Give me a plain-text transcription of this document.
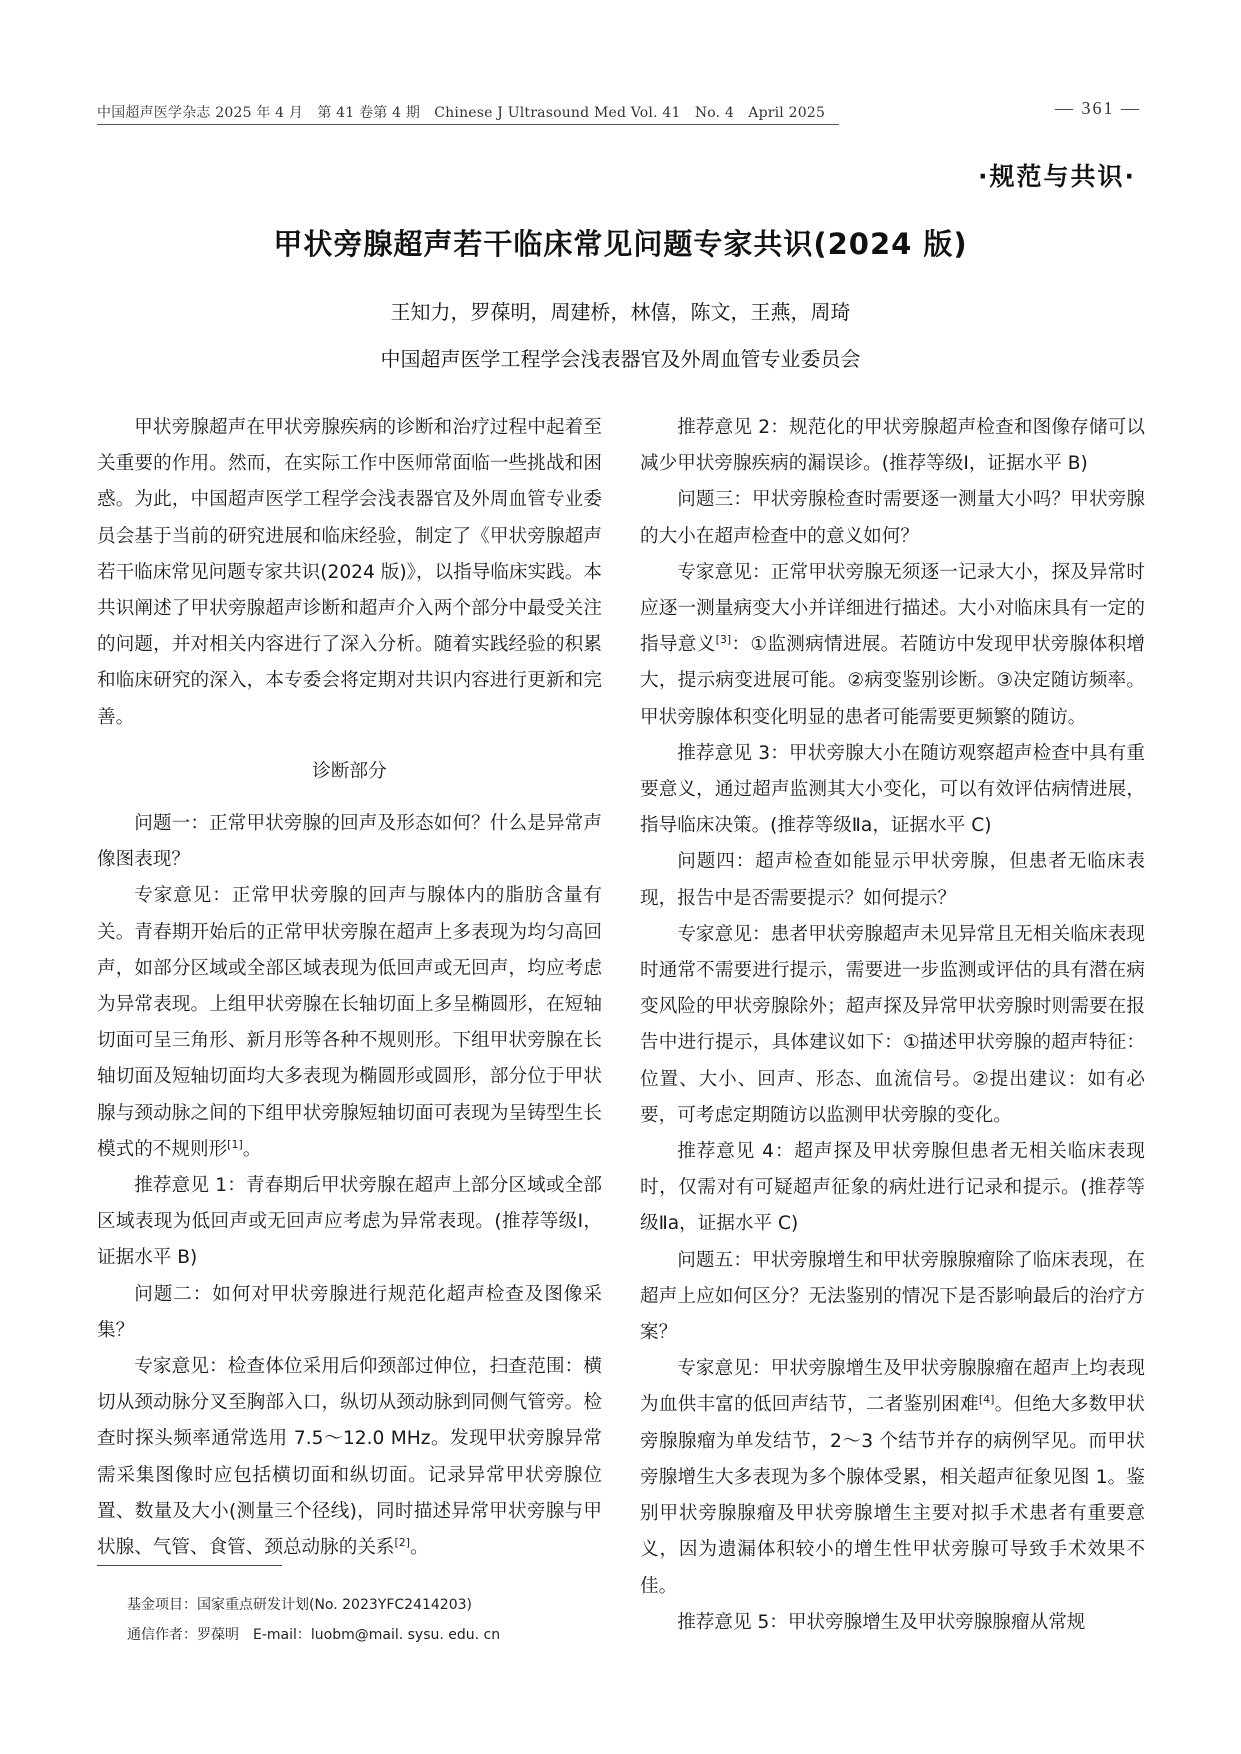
中国超声医学杂志 2025 年 4 月　第 41 卷第 4 期　Chinese J Ultrasound Med Vol. 41　No. 4　April 2025	— 361 —
·规范与共识·
甲状旁腺超声若干临床常见问题专家共识(2024 版)
王知力，罗葆明，周建桥，林僖，陈文，王燕，周琦
中国超声医学工程学会浅表器官及外周血管专业委员会

甲状旁腺超声在甲状旁腺疾病的诊断和治疗过程中起着至关重要的作用。然而，在实际工作中医师常面临一些挑战和困惑。为此，中国超声医学工程学会浅表器官及外周血管专业委员会基于当前的研究进展和临床经验，制定了《甲状旁腺超声若干临床常见问题专家共识(2024 版)》，以指导临床实践。本共识阐述了甲状旁腺超声诊断和超声介入两个部分中最受关注的问题，并对相关内容进行了深入分析。随着实践经验的积累和临床研究的深入，本专委会将定期对共识内容进行更新和完善。

诊断部分

问题一：正常甲状旁腺的回声及形态如何？什么是异常声像图表现？

专家意见：正常甲状旁腺的回声与腺体内的脂肪含量有关。青春期开始后的正常甲状旁腺在超声上多表现为均匀高回声，如部分区域或全部区域表现为低回声或无回声，均应考虑为异常表现。上组甲状旁腺在长轴切面上多呈椭圆形，在短轴切面可呈三角形、新月形等各种不规则形。下组甲状旁腺在长轴切面及短轴切面均大多表现为椭圆形或圆形，部分位于甲状腺与颈动脉之间的下组甲状旁腺短轴切面可表现为呈铸型生长模式的不规则形[1]。

推荐意见 1：青春期后甲状旁腺在超声上部分区域或全部区域表现为低回声或无回声应考虑为异常表现。(推荐等级Ⅰ，证据水平 B)

问题二：如何对甲状旁腺进行规范化超声检查及图像采集？

专家意见：检查体位采用后仰颈部过伸位，扫查范围：横切从颈动脉分叉至胸部入口，纵切从颈动脉到同侧气管旁。检查时探头频率通常选用 7.5～12.0 MHz。发现甲状旁腺异常需采集图像时应包括横切面和纵切面。记录异常甲状旁腺位置、数量及大小(测量三个径线)，同时描述异常甲状旁腺与甲状腺、气管、食管、颈总动脉的关系[2]。

推荐意见 2：规范化的甲状旁腺超声检查和图像存储可以减少甲状旁腺疾病的漏误诊。(推荐等级Ⅰ，证据水平 B)

问题三：甲状旁腺检查时需要逐一测量大小吗？甲状旁腺的大小在超声检查中的意义如何？

专家意见：正常甲状旁腺无须逐一记录大小，探及异常时应逐一测量病变大小并详细进行描述。大小对临床具有一定的指导意义[3]：①监测病情进展。若随访中发现甲状旁腺体积增大，提示病变进展可能。②病变鉴别诊断。③决定随访频率。甲状旁腺体积变化明显的患者可能需要更频繁的随访。

推荐意见 3：甲状旁腺大小在随访观察超声检查中具有重要意义，通过超声监测其大小变化，可以有效评估病情进展，指导临床决策。(推荐等级Ⅱa，证据水平 C)

问题四：超声检查如能显示甲状旁腺，但患者无临床表现，报告中是否需要提示？如何提示？

专家意见：患者甲状旁腺超声未见异常且无相关临床表现时通常不需要进行提示，需要进一步监测或评估的具有潜在病变风险的甲状旁腺除外；超声探及异常甲状旁腺时则需要在报告中进行提示，具体建议如下：①描述甲状旁腺的超声特征：位置、大小、回声、形态、血流信号。②提出建议：如有必要，可考虑定期随访以监测甲状旁腺的变化。

推荐意见 4：超声探及甲状旁腺但患者无相关临床表现时，仅需对有可疑超声征象的病灶进行记录和提示。(推荐等级Ⅱa，证据水平 C)

问题五：甲状旁腺增生和甲状旁腺腺瘤除了临床表现，在超声上应如何区分？无法鉴别的情况下是否影响最后的治疗方案？

专家意见：甲状旁腺增生及甲状旁腺腺瘤在超声上均表现为血供丰富的低回声结节，二者鉴别困难[4]。但绝大多数甲状旁腺腺瘤为单发结节，2～3 个结节并存的病例罕见。而甲状旁腺增生大多表现为多个腺体受累，相关超声征象见图 1。鉴别甲状旁腺腺瘤及甲状旁腺增生主要对拟手术患者有重要意义，因为遗漏体积较小的增生性甲状旁腺可导致手术效果不佳。

推荐意见 5：甲状旁腺增生及甲状旁腺腺瘤从常规

基金项目：国家重点研发计划(No. 2023YFC2414203)
通信作者：罗葆明　E-mail：luobm@mail. sysu. edu. cn
